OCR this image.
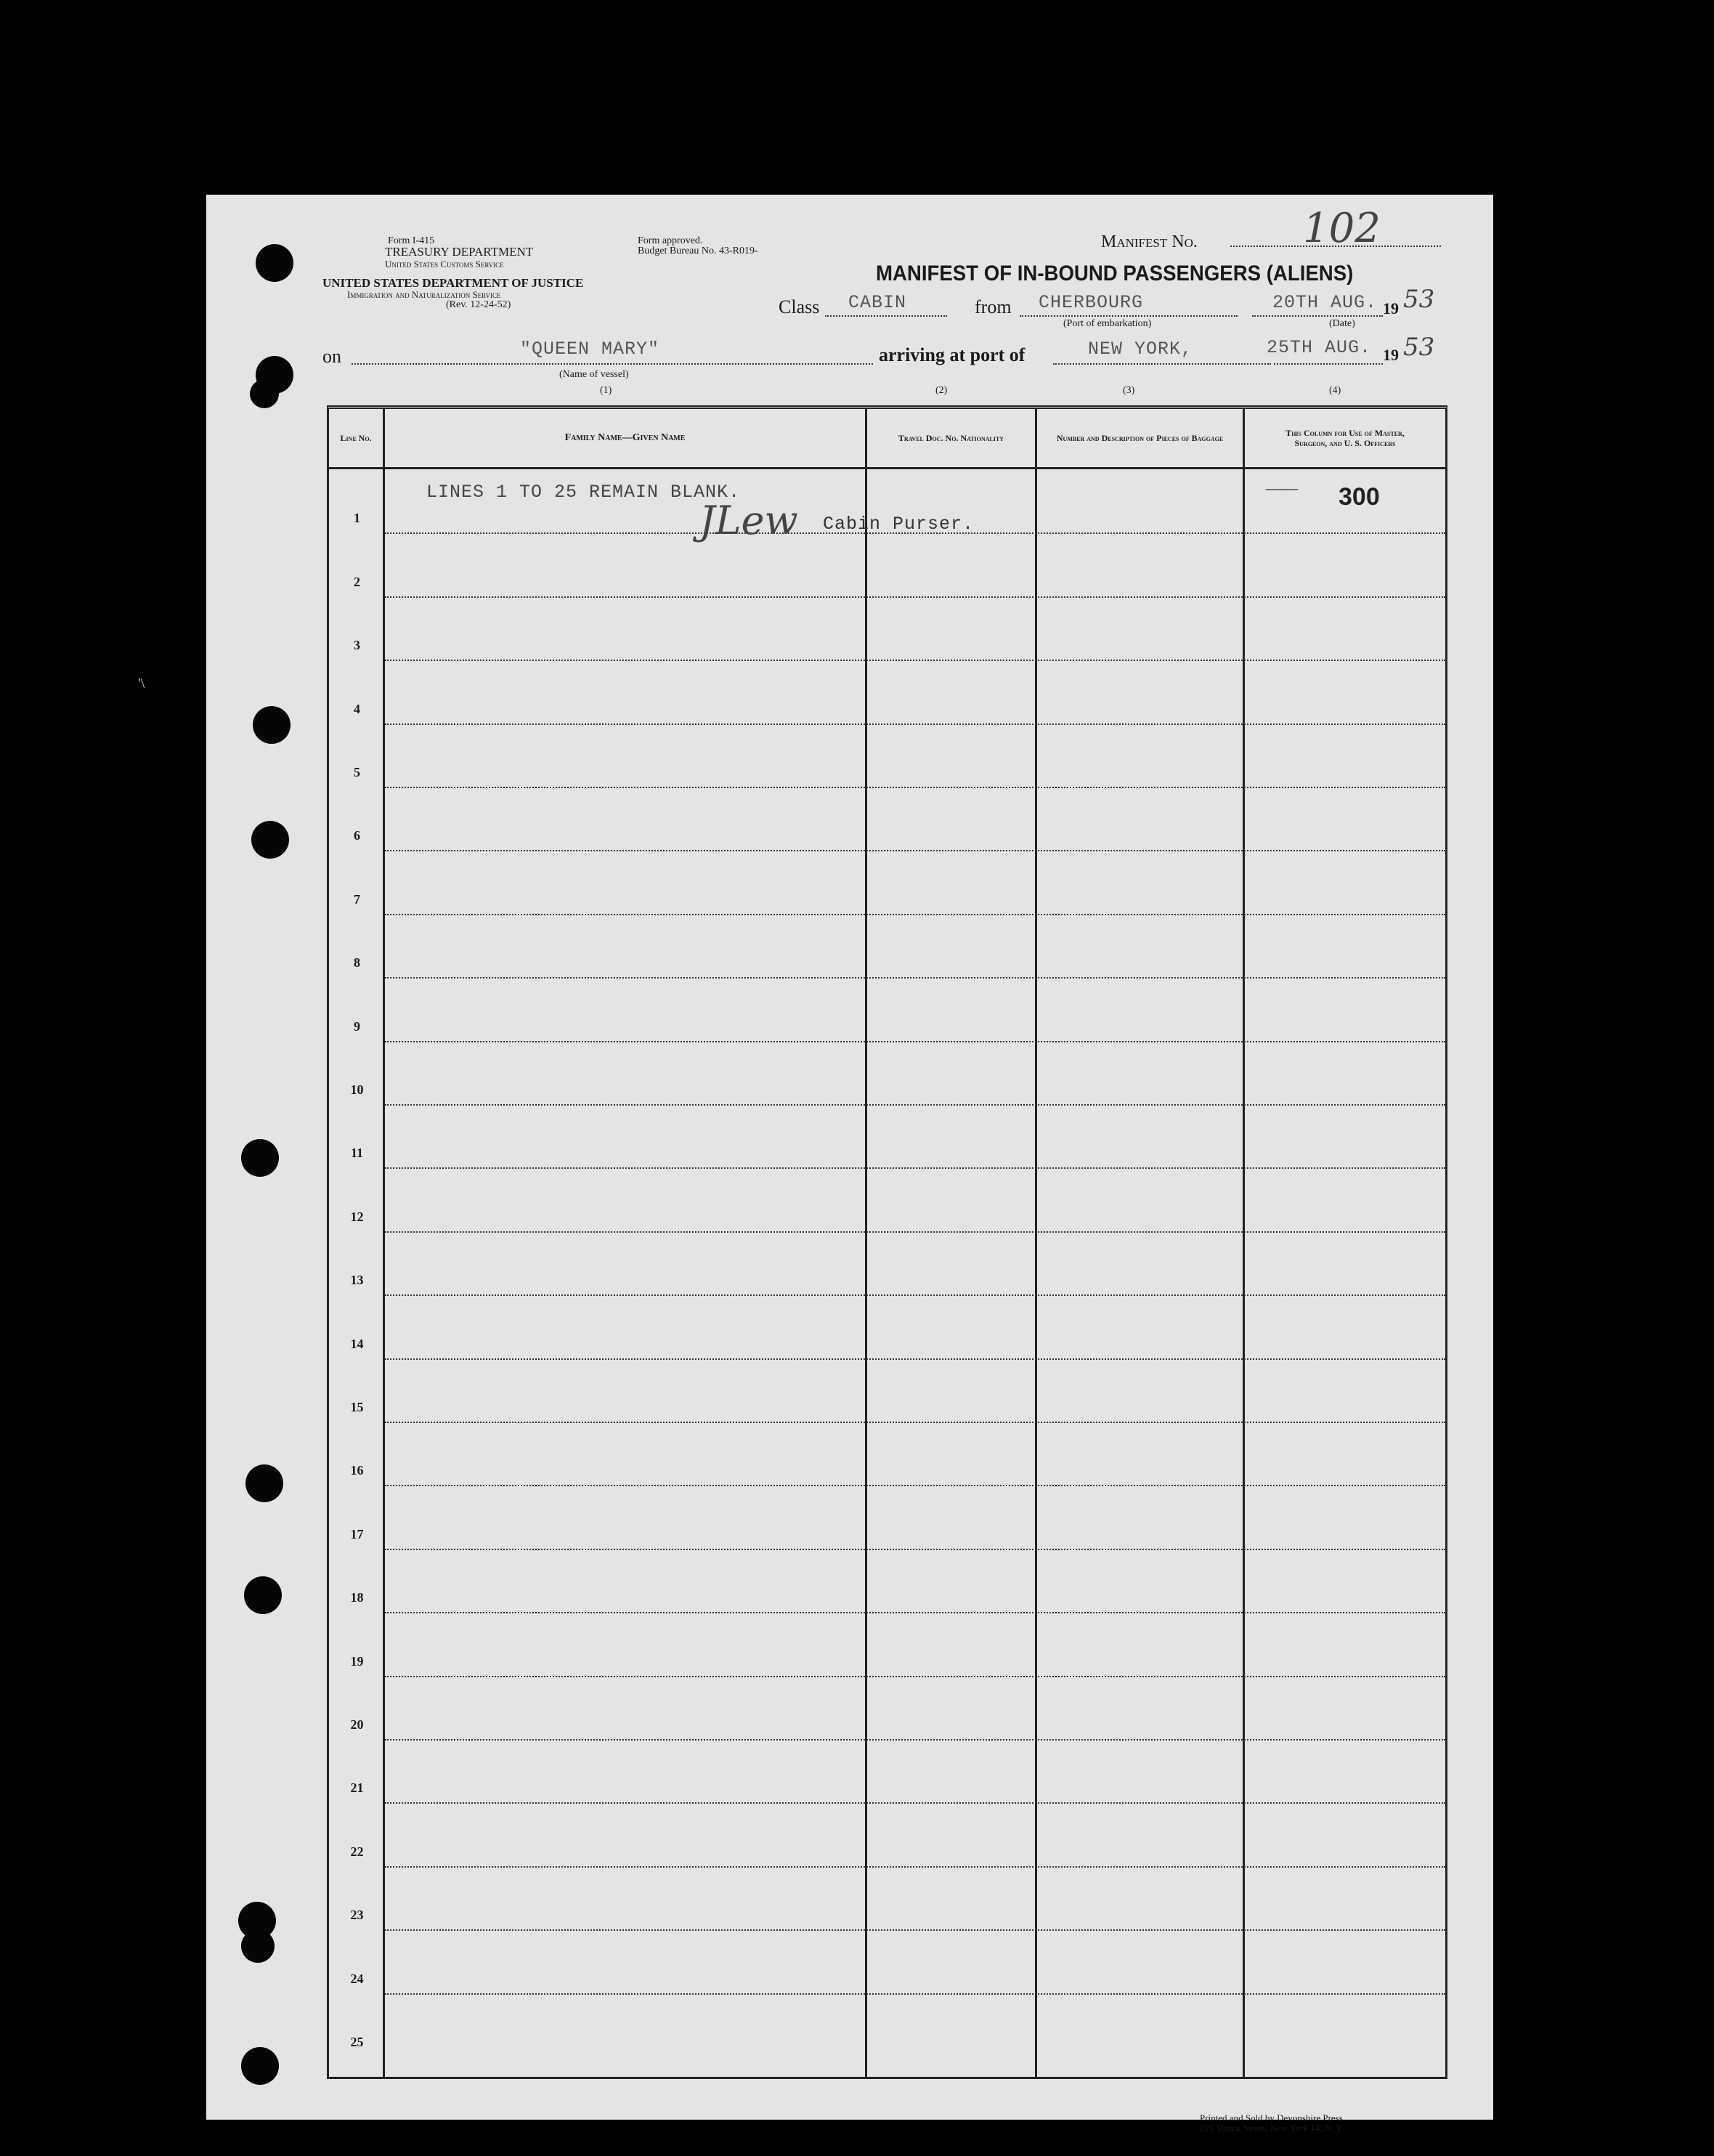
Form I-415
TREASURY DEPARTMENT
United States Customs Service
Form approved.
Budget Bureau No. 43-R019-
UNITED STATES DEPARTMENT OF JUSTICE
Immigration and Naturalization Service
(Rev. 12-24-52)
Manifest No.	102
MANIFEST OF IN-BOUND PASSENGERS (ALIENS)
Class CABIN	from CHERBOURG
(Port of embarkation)
20TH AUG.
(Date)
19 53
on	"QUEEN MARY"
(Name of vessel)
arriving at port of	NEW YORK,	25TH AUG. 19 53
(1)	(2)	(3)	(4)
Line No.	Family Name—Given Name	Travel Doc. No. Nationality	Number and Description of Pieces of Baggage	This Column for Use of Master, Surgeon, and U. S. Officers
1
2
3
4
5
6
7
8
9
10
11
12
13
14
15
16
17
18
19
20
21
22
23
24
25
LINES 1 TO 25 REMAIN BLANK.
JLew Cabin Purser.
—— 300
Printed and Sold by Devonshire Press
225 Varick Street, New York 14, N. Y.
'\
